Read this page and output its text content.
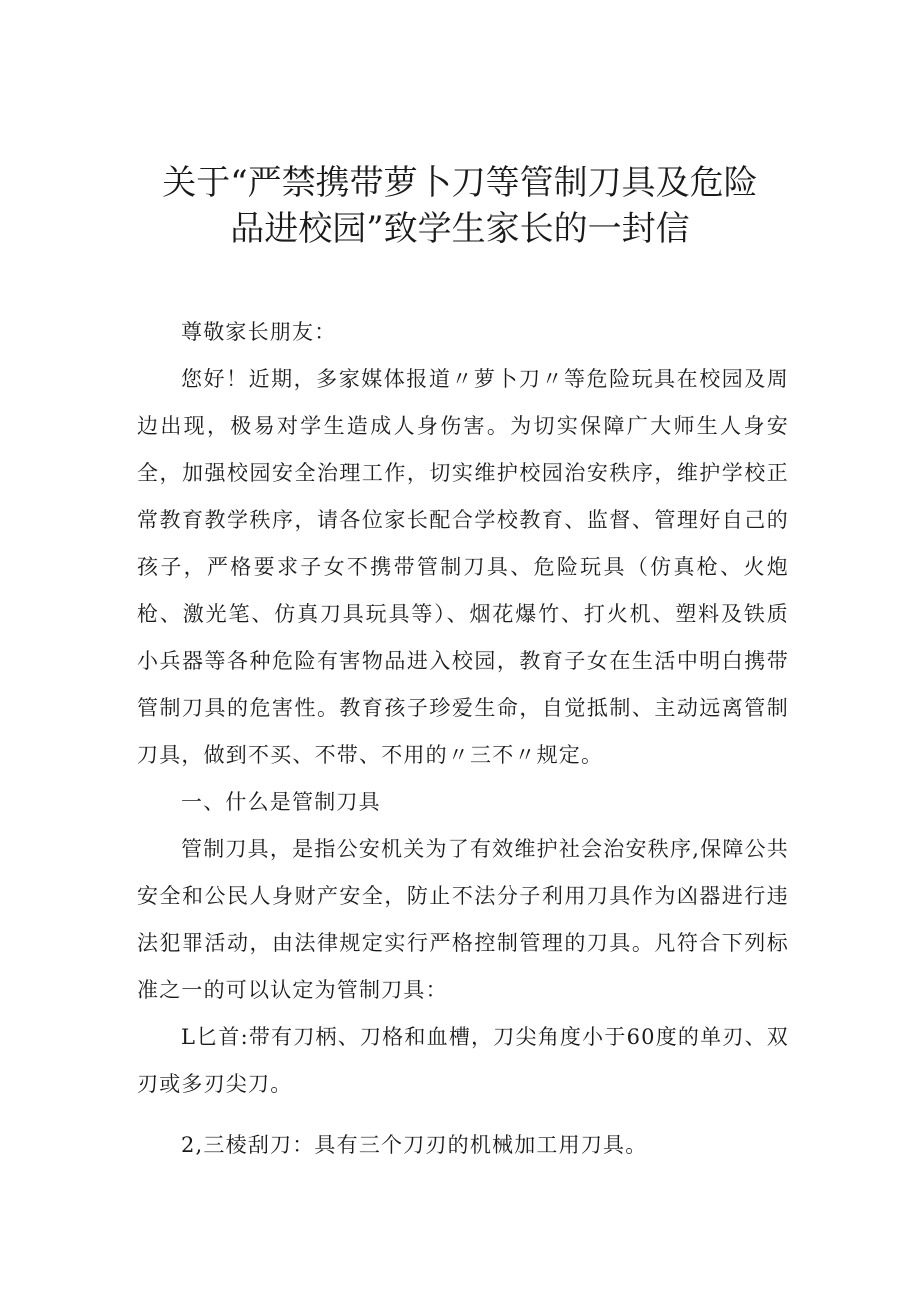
关于“严禁携带萝卜刀等管制刀具及危险
品进校园”致学生家长的一封信

尊敬家长朋友：

您好！近期，多家媒体报道〃萝卜刀〃等危险玩具在校园及周边出现，极易对学生造成人身伤害。为切实保障广大师生人身安全，加强校园安全治理工作，切实维护校园治安秩序，维护学校正常教育教学秩序，请各位家长配合学校教育、监督、管理好自己的孩子，严格要求子女不携带管制刀具、危险玩具（仿真枪、火炮枪、激光笔、仿真刀具玩具等）、烟花爆竹、打火机、塑料及铁质小兵器等各种危险有害物品进入校园，教育子女在生活中明白携带管制刀具的危害性。教育孩子珍爱生命，自觉抵制、主动远离管制刀具，做到不买、不带、不用的〃三不〃规定。

一、什么是管制刀具

管制刀具，是指公安机关为了有效维护社会治安秩序,保障公共安全和公民人身财产安全，防止不法分子利用刀具作为凶器进行违法犯罪活动，由法律规定实行严格控制管理的刀具。凡符合下列标准之一的可以认定为管制刀具：

L匕首:带有刀柄、刀格和血槽，刀尖角度小于60度的单刃、双刃或多刃尖刀。

2,三棱刮刀：具有三个刀刃的机械加工用刀具。
